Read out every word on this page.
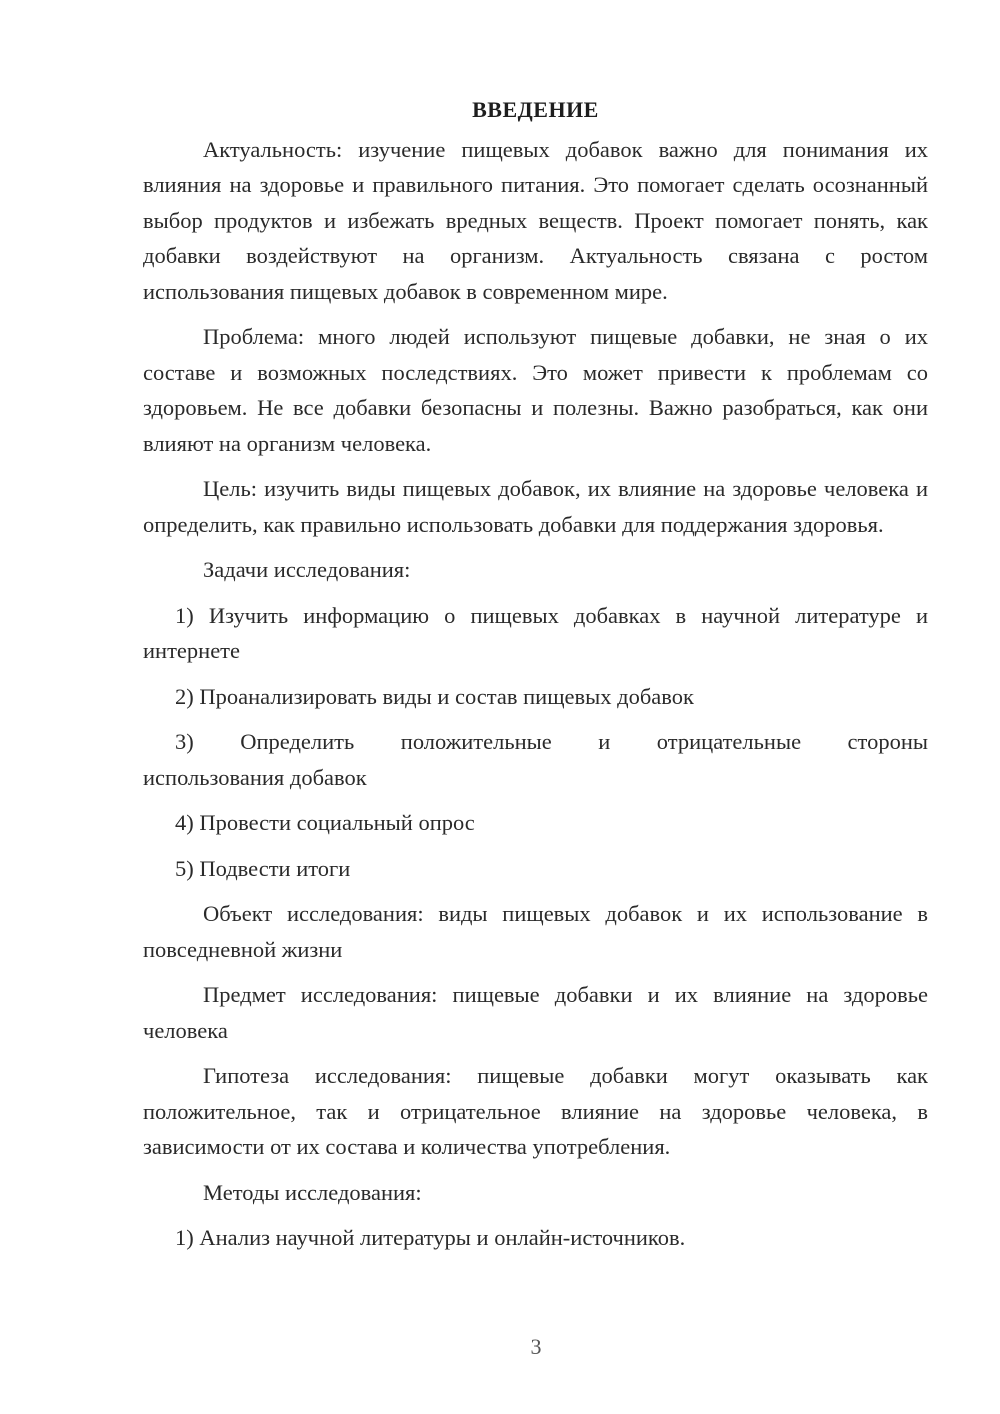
ВВЕДЕНИЕ

Актуальность: изучение пищевых добавок важно для понимания их влияния на здоровье и правильного питания. Это помогает сделать осознанный выбор продуктов и избежать вредных веществ. Проект помогает понять, как добавки воздействуют на организм. Актуальность связана с ростом использования пищевых добавок в современном мире.

Проблема: много людей используют пищевые добавки, не зная о их составе и возможных последствиях. Это может привести к проблемам со здоровьем. Не все добавки безопасны и полезны. Важно разобраться, как они влияют на организм человека.

Цель: изучить виды пищевых добавок, их влияние на здоровье человека и определить, как правильно использовать добавки для поддержания здоровья.

Задачи исследования:

1) Изучить информацию о пищевых добавках в научной литературе и интернете

2) Проанализировать виды и состав пищевых добавок

3) Определить положительные и отрицательные стороны
использования добавок

4) Провести социальный опрос

5) Подвести итоги

Объект исследования: виды пищевых добавок и их использование в повседневной жизни

Предмет исследования: пищевые добавки и их влияние на здоровье человека

Гипотеза исследования: пищевые добавки могут оказывать как положительное, так и отрицательное влияние на здоровье человека, в зависимости от их состава и количества употребления.

Методы исследования:

1) Анализ научной литературы и онлайн-источников.

3
